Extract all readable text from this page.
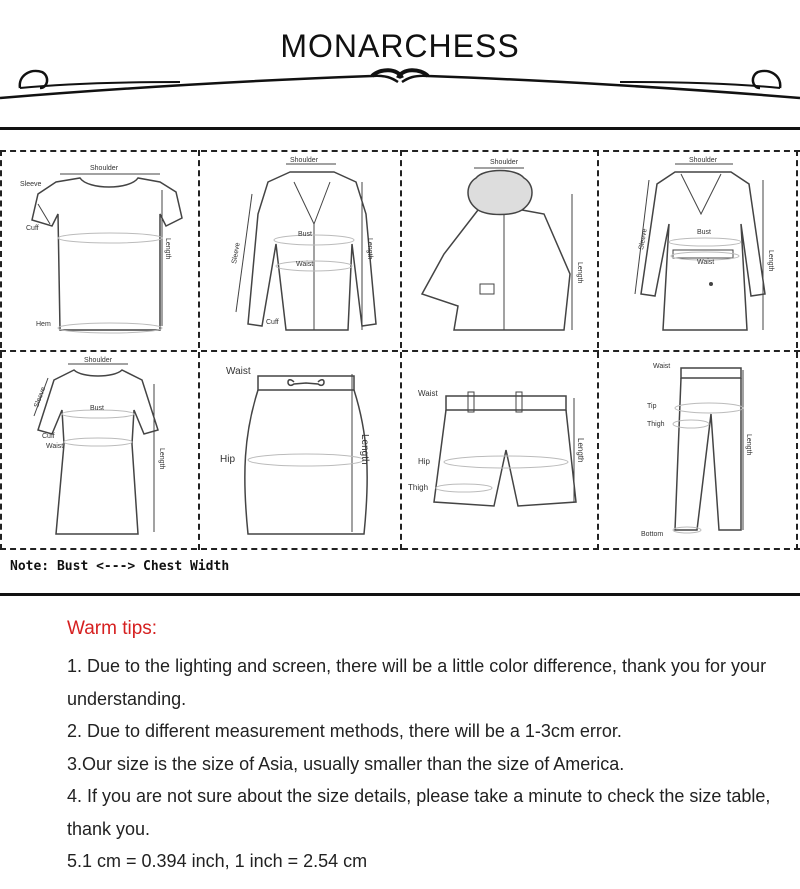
MONARCHESS
Shoulder
Sleeve
Cuff
Hem
Length
Shoulder
Sleeve
Bust
Waist
Length
Cuff
Shoulder
Length
Shoulder
Sleeve	Bust
Waist	Length
Shoulder
Sleeve	Bust
Cuff
Waist
Length
Waist
Hip	Length
Waist
Hip
Thigh
Length
Waist
Tip
Thigh
Length
Bottom
Note: Bust <---> Chest Width
Warm tips:
1. Due to the lighting and screen, there will be a little color difference, thank you for your understanding.
2. Due to different measurement methods, there will be a 1-3cm error.
3.Our size is the size of Asia, usually smaller than the size of America.
4. If you are not sure about the size details, please take a minute to check the size table, thank you.
5.1 cm = 0.394 inch, 1 inch = 2.54 cm
